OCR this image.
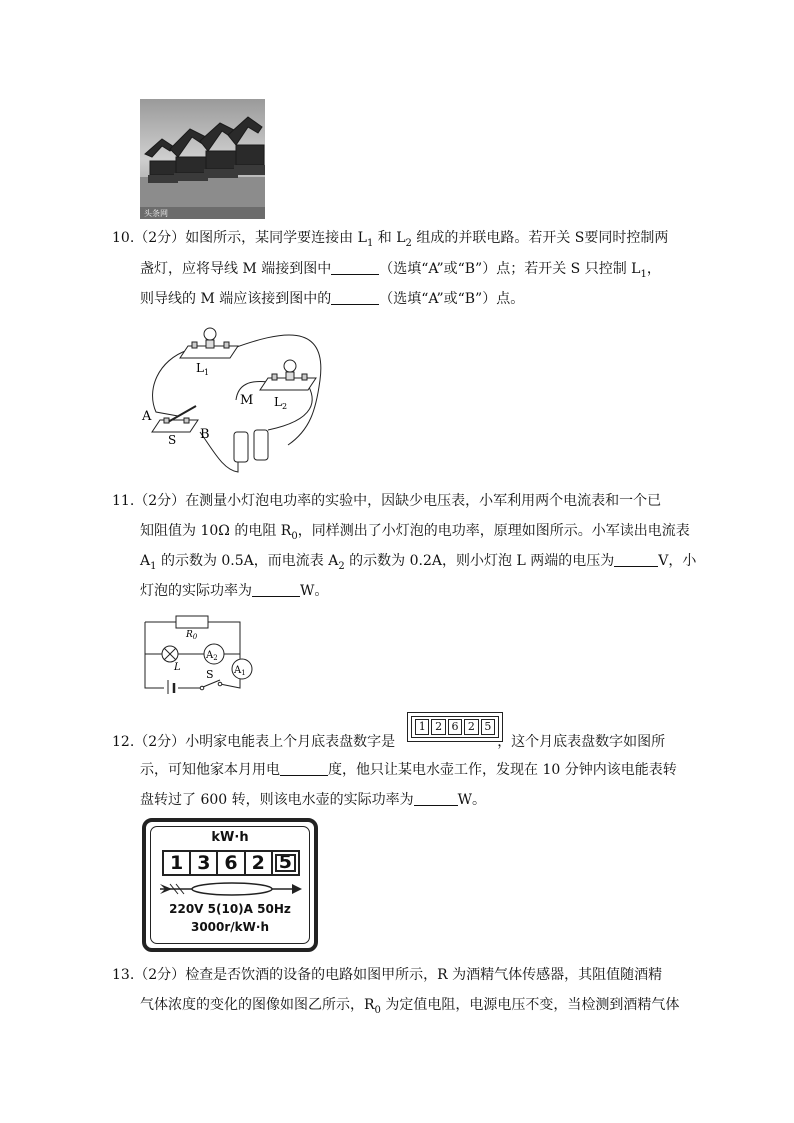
头条网
10.（2分）如图所示，某同学要连接由 $L_1$ 和 $L_2$ 组成的并联电路。若开关 S要同时控制两
盏灯，应将导线 M 端接到图中	（选填“A”或“B”）点；若开关 S 只控制 $L_1$，
则导线的 M 端应该接到图中的	（选填“A”或“B”）点。
$L_1$
$L_2$
A
B
S
M
11.（2分）在测量小灯泡电功率的实验中，因缺少电压表，小军利用两个电流表和一个已
知阻值为 10Ω 的电阻 $R_0$，同样测出了小灯泡的电功率，原理如图所示。小军读出电流表
$A_1$ 的示数为 0.5A，而电流表 $A_2$ 的示数为 0.2A，则小灯泡 L 两端的电压为	V，小
灯泡的实际功率为	W。
$R_0$
L
$A_2$
$A_1$
S
12.（2分）小明家电能表上个月底表盘数字是	，这个月底表盘数字如图所
1 2 6 2 5
示，可知他家本月用电	度，他只让某电水壶工作，发现在 10 分钟内该电能表转
盘转过了 600 转，则该电水壶的实际功率为	W。
kW·h
1 3 6 2 5
220V 5(10)A 50Hz
3000r/kW·h
13.（2分）检查是否饮酒的设备的电路如图甲所示，R 为酒精气体传感器，其阻值随酒精
气体浓度的变化的图像如图乙所示，$R_0$ 为定值电阻，电源电压不变，当检测到酒精气体
